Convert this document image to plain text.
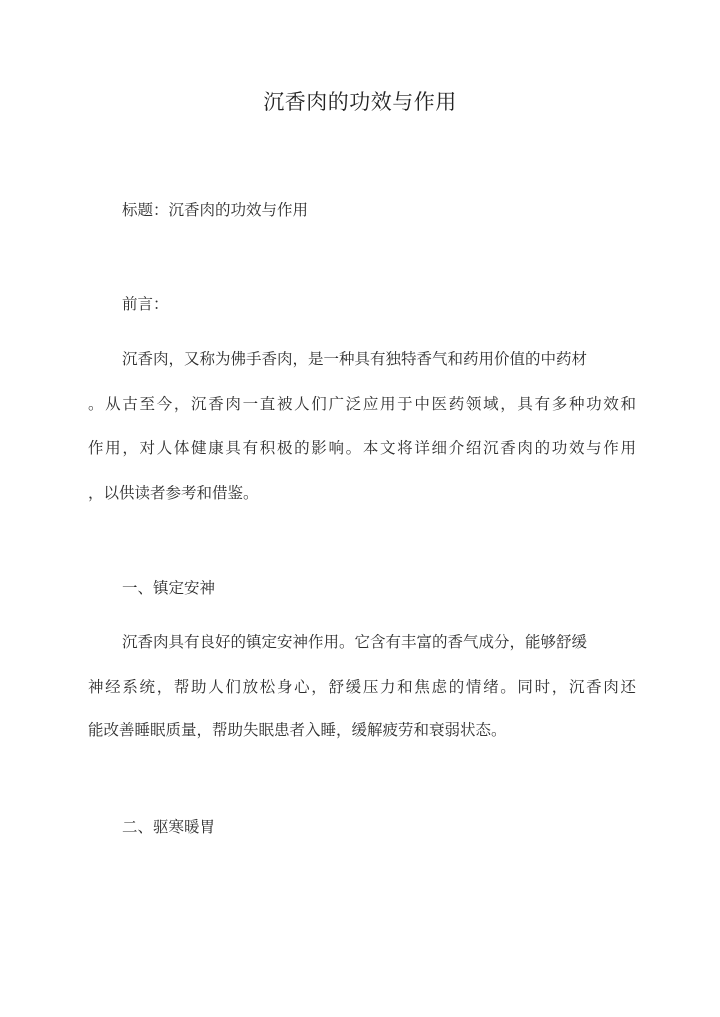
沉香肉的功效与作用
标题：沉香肉的功效与作用
前言：
沉香肉，又称为佛手香肉，是一种具有独特香气和药用价值的中药材
。从古至今，沉香肉一直被人们广泛应用于中医药领域，具有多种功效和
作用，对人体健康具有积极的影响。本文将详细介绍沉香肉的功效与作用
，以供读者参考和借鉴。
一、镇定安神
沉香肉具有良好的镇定安神作用。它含有丰富的香气成分，能够舒缓
神经系统，帮助人们放松身心，舒缓压力和焦虑的情绪。同时，沉香肉还
能改善睡眠质量，帮助失眠患者入睡，缓解疲劳和衰弱状态。
二、驱寒暖胃
